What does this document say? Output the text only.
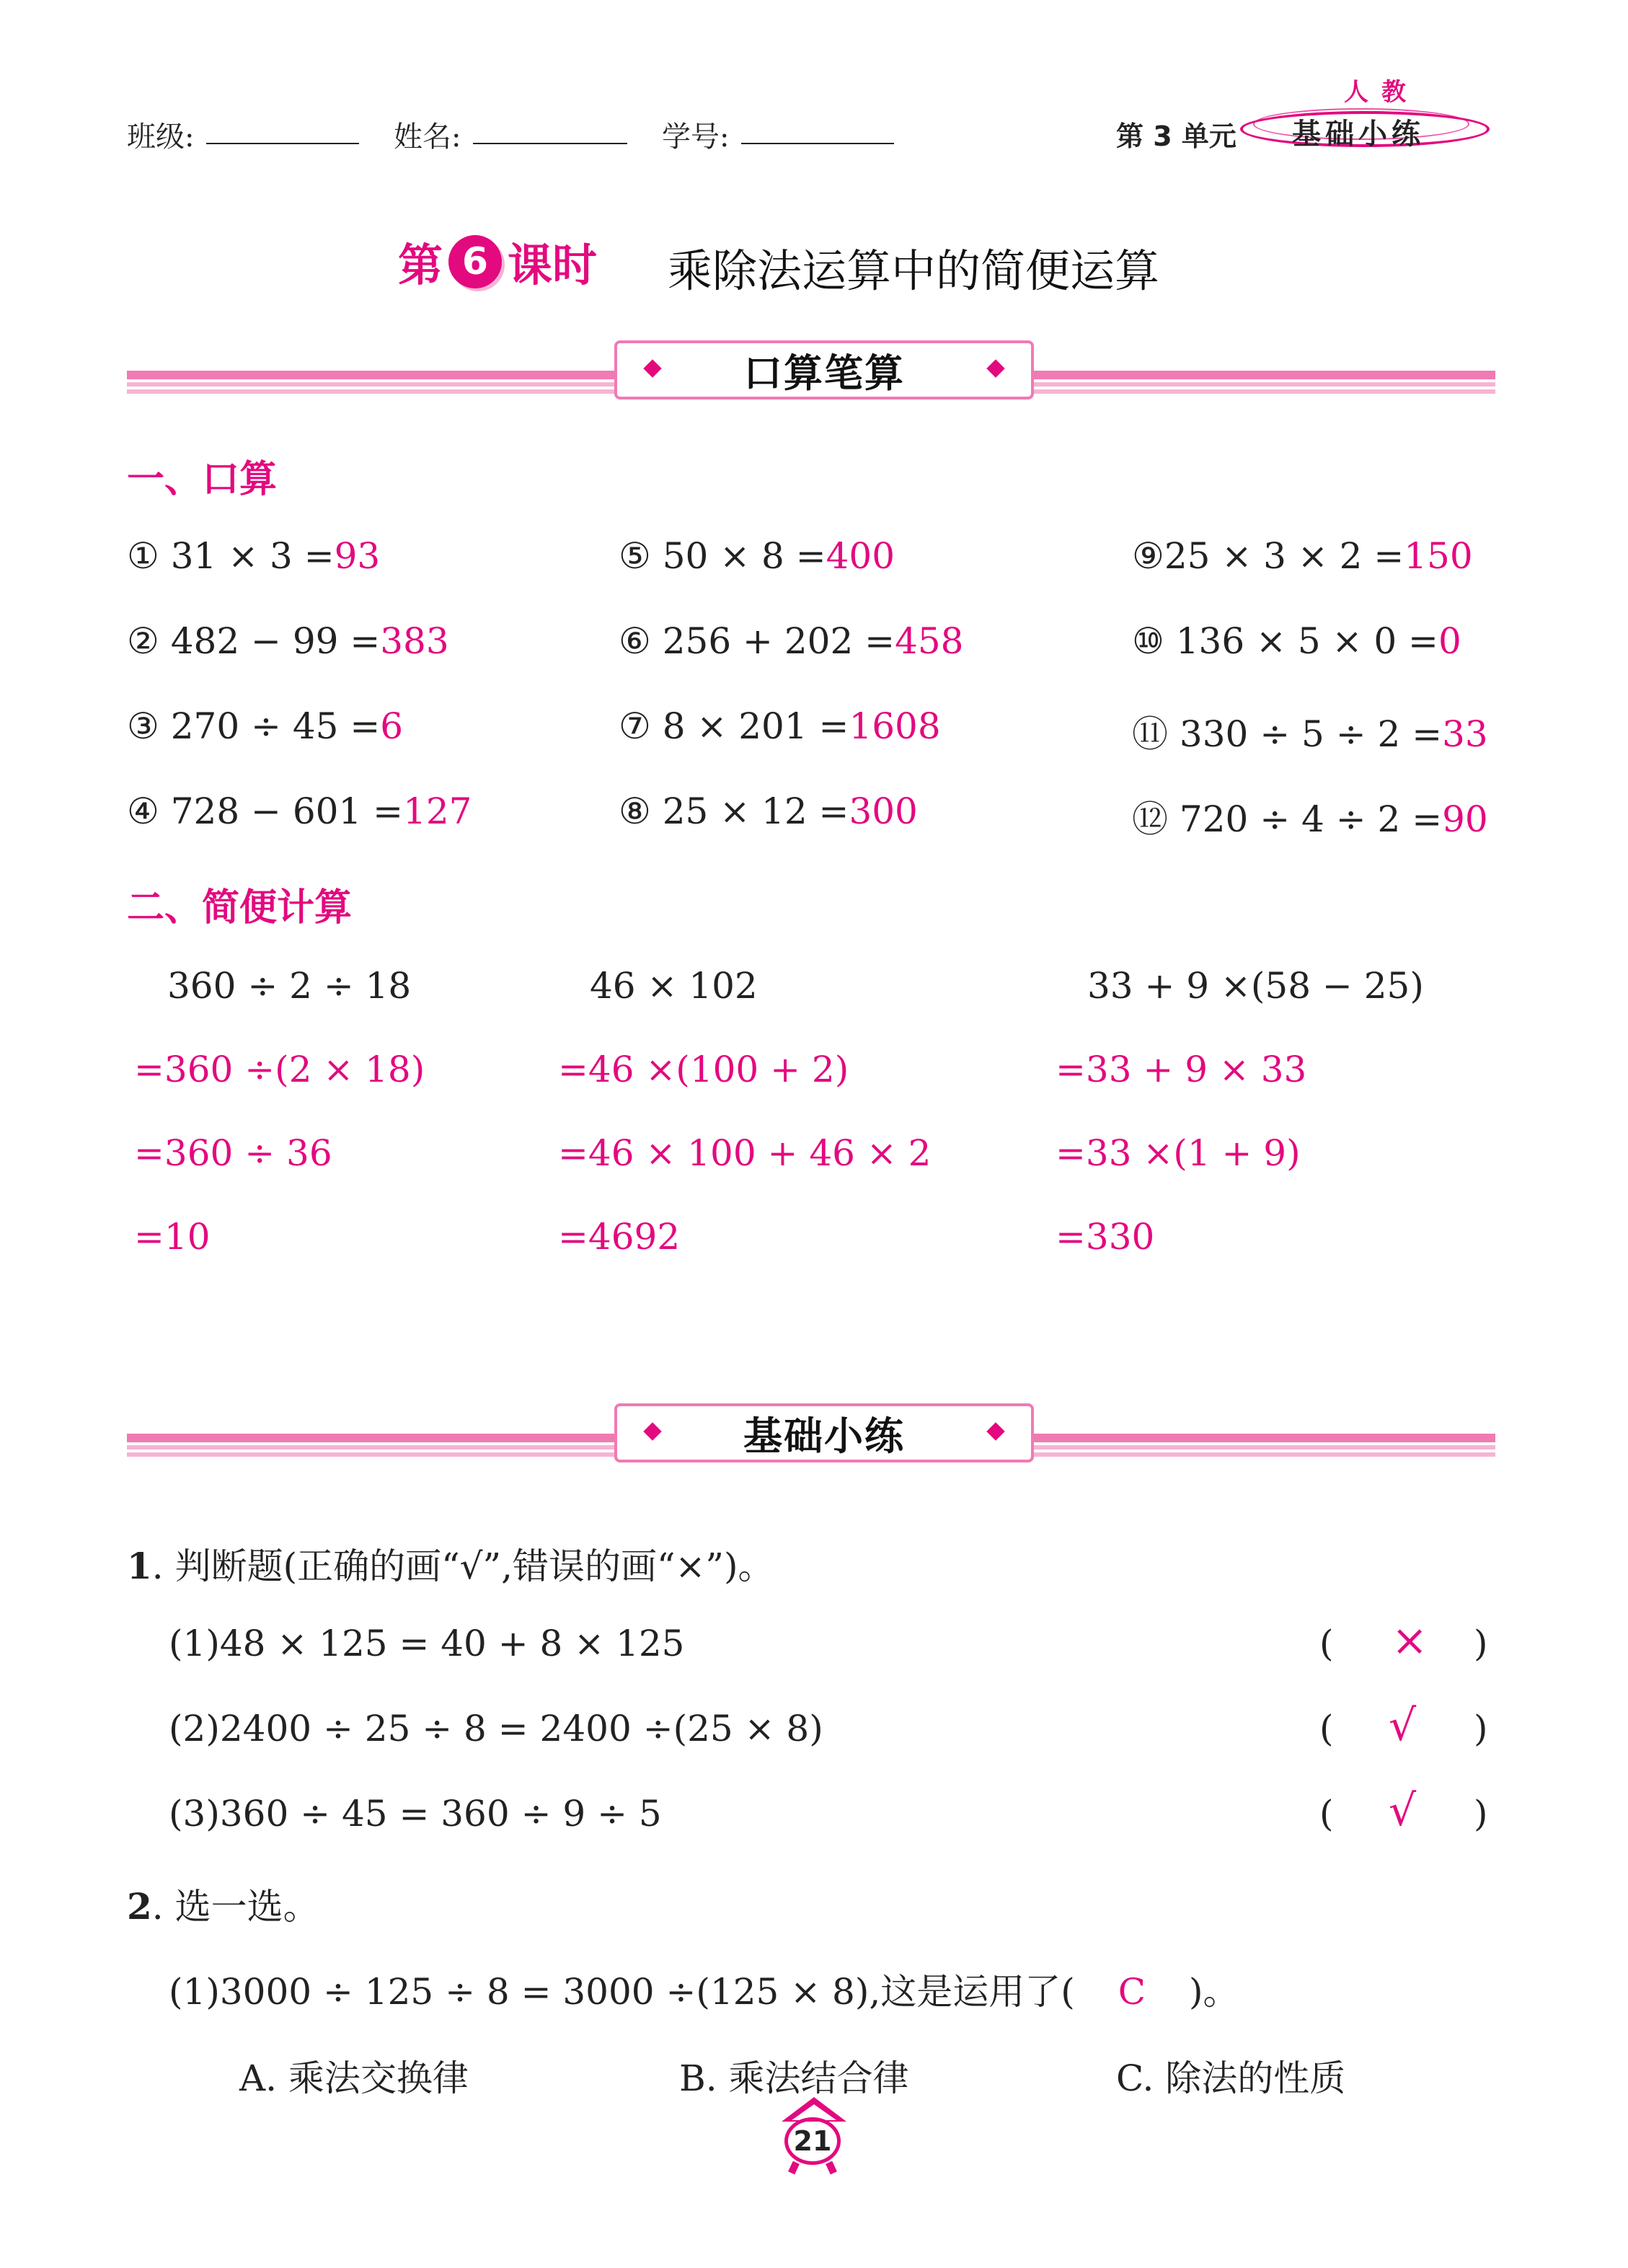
班级:	姓名:	学号:	第 3 单元
人教
基础小练
第 6 课时 乘除法运算中的简便运算
口算笔算
一、口算
① 31 × 3 =93	⑤ 50 × 8 =400	⑨25 × 3 × 2 =150
② 482 − 99 =383	⑥ 256 + 202 =458	⑩ 136 × 5 × 0 =0
③ 270 ÷ 45 =6	⑦ 8 × 201 =1608	⑪ 330 ÷ 5 ÷ 2 =33
④ 728 − 601 =127	⑧ 25 × 12 =300	⑫ 720 ÷ 4 ÷ 2 =90
二、简便计算
360 ÷ 2 ÷ 18
=360 ÷(2 × 18)
=360 ÷ 36
=10
46 × 102
=46 ×(100 + 2)
=46 × 100 + 46 × 2
=4692
33 + 9 ×(58 − 25)
=33 + 9 × 33
=33 ×(1 + 9)
=330
基础小练
1. 判断题(正确的画“√”,错误的画“×”)。
(1)48 × 125 = 40 + 8 × 125	( × )
(2)2400 ÷ 25 ÷ 8 = 2400 ÷(25 × 8)	( √ )
(3)360 ÷ 45 = 360 ÷ 9 ÷ 5	( √ )
2. 选一选。
(1)3000 ÷ 125 ÷ 8 = 3000 ÷(125 × 8),这是运用了( C )。
A. 乘法交换律	B. 乘法结合律	C. 除法的性质
21
